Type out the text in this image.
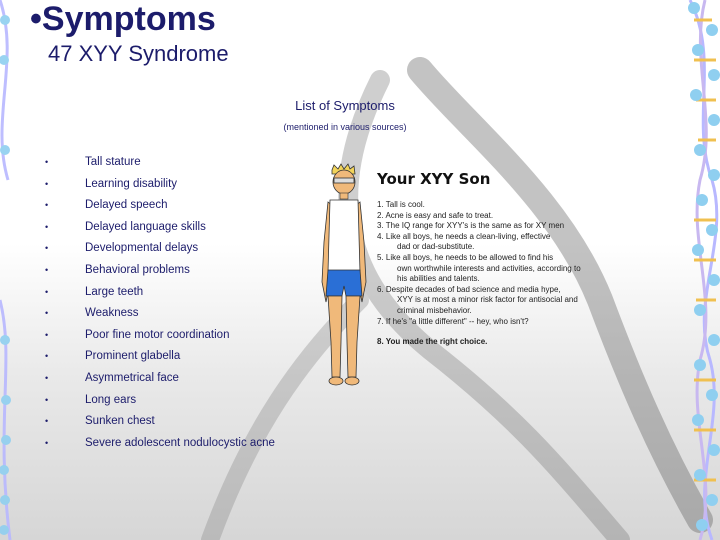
•Symptoms
47 XYY Syndrome
List of Symptoms
(mentioned in various sources)
•	Tall stature
•	Learning disability
•	Delayed speech
•	Delayed language skills
•	Developmental delays
•	Behavioral problems
•	Large teeth
•	Weakness
•	Poor fine motor coordination
•	Prominent glabella
•	Asymmetrical face
•	Long ears
•	Sunken chest
•	Severe adolescent nodulocystic acne
Your XYY Son
1. Tall is cool.
2. Acne is easy and safe to treat.
3. The IQ range for XYY's is the same as for XY men
4. Like all boys, he needs a clean-living, effective
dad or dad-substitute.
5. Like all boys, he needs to be allowed to find his
own worthwhile interests and activities, according to his abilities and talents.
6. Despite decades of bad science and media hype,
XYY is at most a minor risk factor for antisocial and criminal misbehavior.
7. If he's "a little different" -- hey, who isn't?
8. You made the right choice.
